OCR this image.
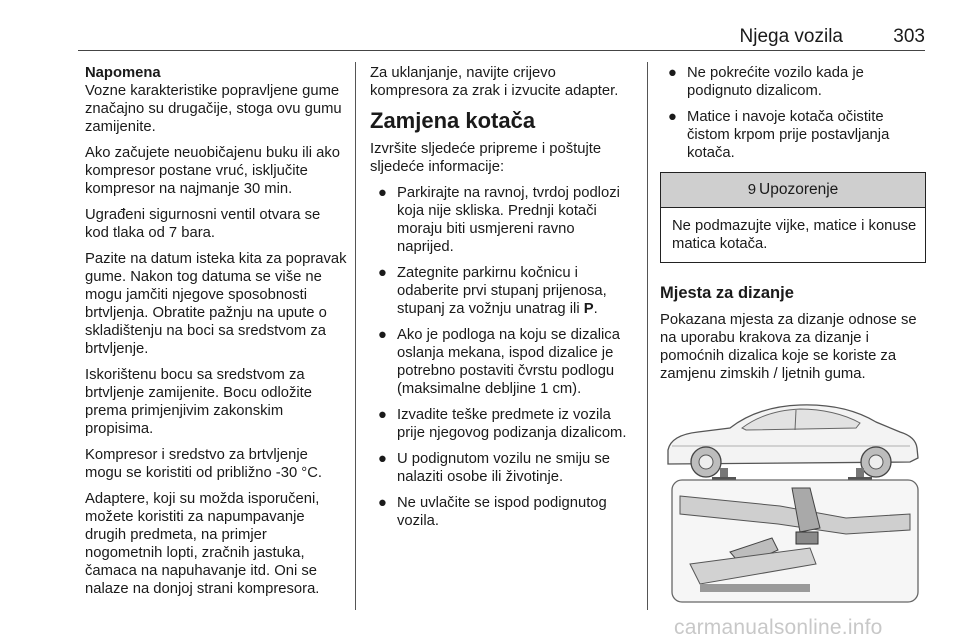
Njega vozila	303

Napomena

Vozne karakteristike popravljene gume značajno su drugačije, stoga ovu gumu zamijenite.

Ako začujete neuobičajenu buku ili ako kompresor postane vruć, isključite kompresor na najmanje 30 min.

Ugrađeni sigurnosni ventil otvara se kod tlaka od 7 bara.

Pazite na datum isteka kita za popravak gume. Nakon tog datuma se više ne mogu jamčiti njegove sposobnosti brtvljenja. Obratite pažnju na upute o skladištenju na boci sa sredstvom za brtvljenje.

Iskorištenu bocu sa sredstvom za brtvljenje zamijenite. Bocu odložite prema primjenjivim zakonskim propisima.

Kompresor i sredstvo za brtvljenje mogu se koristiti od približno -30 °C.

Adaptere, koji su možda isporučeni, možete koristiti za napumpavanje drugih predmeta, na primjer nogometnih lopti, zračnih jastuka, čamaca na napuhavanje itd. Oni se nalaze na donjoj strani kompresora.

Za uklanjanje, navijte crijevo kompresora za zrak i izvucite adapter.

Zamjena kotača

Izvršite sljedeće pripreme i poštujte sljedeće informacije:

● Parkirajte na ravnoj, tvrdoj podlozi koja nije skliska. Prednji kotači moraju biti usmjereni ravno naprijed.
● Zategnite parkirnu kočnicu i odaberite prvi stupanj prijenosa, stupanj za vožnju unatrag ili P.
● Ako je podloga na koju se dizalica oslanja mekana, ispod dizalice je potrebno postaviti čvrstu podlogu (maksimalne debljine 1 cm).
● Izvadite teške predmete iz vozila prije njegovog podizanja dizalicom.
● U podignutom vozilu ne smiju se nalaziti osobe ili životinje.
● Ne uvlačite se ispod podignutog vozila.
● Ne pokrećite vozilo kada je podignuto dizalicom.
● Matice i navoje kotača očistite čistom krpom prije postavljanja kotača.
9 Upozorenje
Ne podmazujte vijke, matice i konuse matica kotača.
Mjesta za dizanje

Pokazana mjesta za dizanje odnose se na uporabu krakova za dizanje i pomoćnih dizalica koje se koriste za zamjenu zimskih / ljetnih guma.

carmanualsonline.info
